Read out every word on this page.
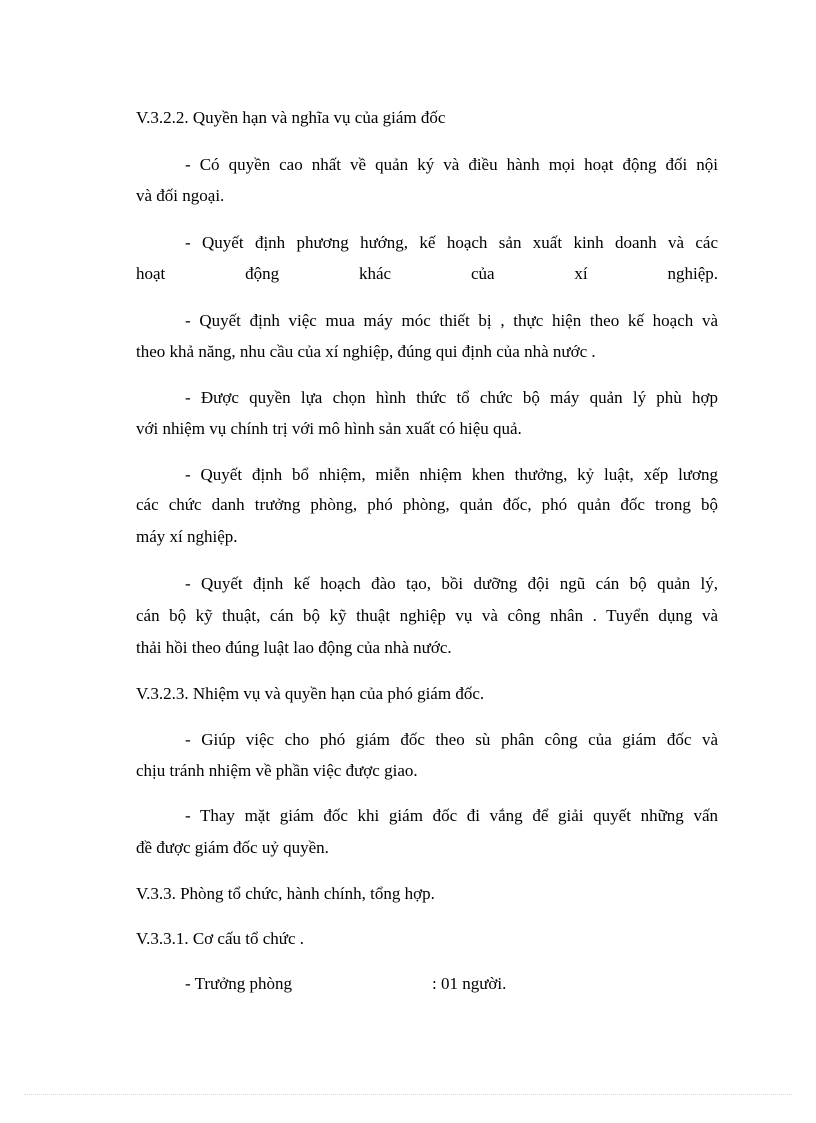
V.3.2.2. Quyền hạn và nghĩa vụ của giám đốc
- Có quyền cao nhất về quản ký và điều hành mọi hoạt động đối nội
và đối ngoại.
- Quyết định phương hướng, kế hoạch sản xuất kinh doanh và các
hoạt động khác của xí nghiệp.
- Quyết định việc mua máy móc thiết bị , thực hiện theo kế hoạch và
theo khả năng, nhu cầu của xí nghiệp, đúng qui định của nhà nước .
- Được quyền lựa chọn hình thức tổ chức bộ máy quản lý phù hợp
với nhiệm vụ chính trị với mô hình sản xuất có hiệu quả.
- Quyết định bổ nhiệm, miễn nhiệm khen thưởng, kỷ luật, xếp lương
các chức danh trưởng phòng, phó phòng, quản đốc, phó quản đốc trong bộ
máy xí nghiệp.
- Quyết định kế hoạch đào tạo, bồi dưỡng đội ngũ cán bộ quản lý,
cán bộ kỹ thuật, cán bộ kỹ thuật nghiệp vụ và công nhân . Tuyển dụng và
thải hồi theo đúng luật lao động của nhà nước.
V.3.2.3. Nhiệm vụ và quyền hạn của phó giám đốc.
- Giúp việc cho phó giám đốc theo sù phân công của giám đốc và
chịu tránh nhiệm về phần việc được giao.
- Thay mặt giám đốc khi giám đốc đi vắng để giải quyết những vấn
đề được giám đốc uỷ quyền.
V.3.3. Phòng tổ chức, hành chính, tổng hợp.
V.3.3.1. Cơ cấu tổ chức .
- Trưởng phòng	: 01 người.
